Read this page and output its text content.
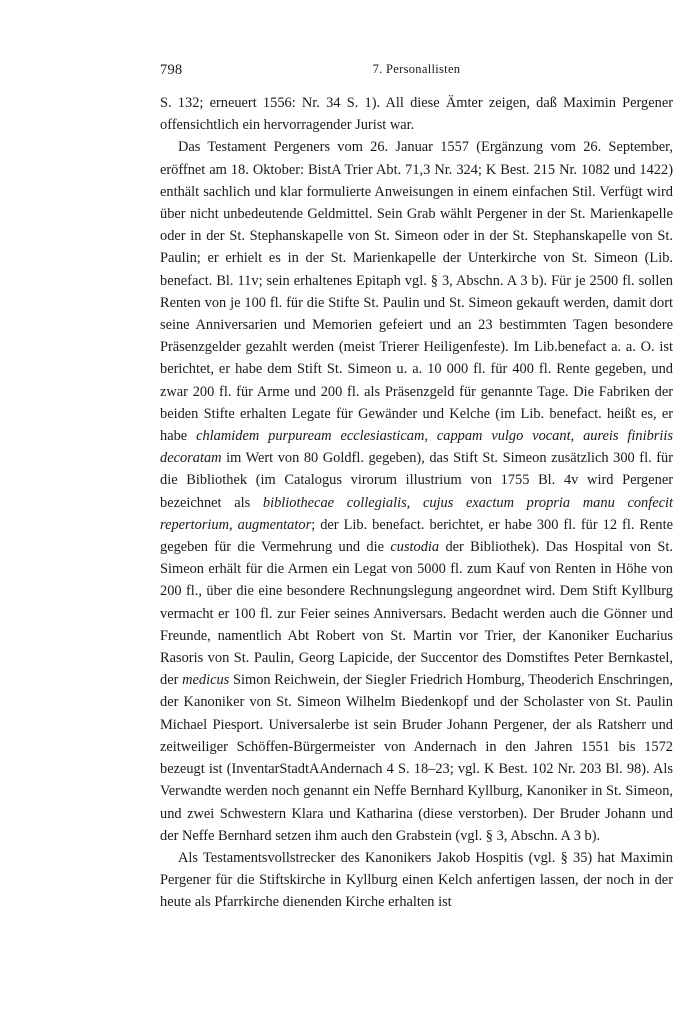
798	7. Personallisten

S. 132; erneuert 1556: Nr. 34 S. 1). All diese Ämter zeigen, daß Maximin Pergener offensichtlich ein hervorragender Jurist war.

Das Testament Pergeners vom 26. Januar 1557 (Ergänzung vom 26. September, eröffnet am 18. Oktober: BistA Trier Abt. 71,3 Nr. 324; K Best. 215 Nr. 1082 und 1422) enthält sachlich und klar formulierte Anweisungen in einem einfachen Stil. Verfügt wird über nicht unbedeutende Geldmittel. Sein Grab wählt Pergener in der St. Marienkapelle oder in der St. Stephanskapelle von St. Simeon oder in der St. Stephanskapelle von St. Paulin; er erhielt es in der St. Marienkapelle der Unterkirche von St. Simeon (Lib. benefact. Bl. 11v; sein erhaltenes Epitaph vgl. § 3, Abschn. A 3 b). Für je 2500 fl. sollen Renten von je 100 fl. für die Stifte St. Paulin und St. Simeon gekauft werden, damit dort seine Anniversarien und Memorien gefeiert und an 23 bestimmten Tagen besondere Präsenzgelder gezahlt werden (meist Trierer Heiligenfeste). Im Lib.benefact a. a. O. ist berichtet, er habe dem Stift St. Simeon u. a. 10 000 fl. für 400 fl. Rente gegeben, und zwar 200 fl. für Arme und 200 fl. als Präsenzgeld für genannte Tage. Die Fabriken der beiden Stifte erhalten Legate für Gewänder und Kelche (im Lib. benefact. heißt es, er habe chlamidem purpuream ecclesiasticam, cappam vulgo vocant, aureis finibriis decoratam im Wert von 80 Goldfl. gegeben), das Stift St. Simeon zusätzlich 300 fl. für die Bibliothek (im Catalogus virorum illustrium von 1755 Bl. 4v wird Pergener bezeichnet als bibliothecae collegialis, cujus exactum propria manu confecit repertorium, augmentator; der Lib. benefact. berichtet, er habe 300 fl. für 12 fl. Rente gegeben für die Vermehrung und die custodia der Bibliothek). Das Hospital von St. Simeon erhält für die Armen ein Legat von 5000 fl. zum Kauf von Renten in Höhe von 200 fl., über die eine besondere Rechnungslegung angeordnet wird. Dem Stift Kyllburg vermacht er 100 fl. zur Feier seines Anniversars. Bedacht werden auch die Gönner und Freunde, namentlich Abt Robert von St. Martin vor Trier, der Kanoniker Eucharius Rasoris von St. Paulin, Georg Lapicide, der Succentor des Domstiftes Peter Bernkastel, der medicus Simon Reichwein, der Siegler Friedrich Homburg, Theoderich Enschringen, der Kanoniker von St. Simeon Wilhelm Biedenkopf und der Scholaster von St. Paulin Michael Piesport. Universalerbe ist sein Bruder Johann Pergener, der als Ratsherr und zeitweiliger Schöffen-Bürgermeister von Andernach in den Jahren 1551 bis 1572 bezeugt ist (InventarStadtAAndernach 4 S. 18–23; vgl. K Best. 102 Nr. 203 Bl. 98). Als Verwandte werden noch genannt ein Neffe Bernhard Kyllburg, Kanoniker in St. Simeon, und zwei Schwestern Klara und Katharina (diese verstorben). Der Bruder Johann und der Neffe Bernhard setzen ihm auch den Grabstein (vgl. § 3, Abschn. A 3 b).

Als Testamentsvollstrecker des Kanonikers Jakob Hospitis (vgl. § 35) hat Maximin Pergener für die Stiftskirche in Kyllburg einen Kelch anfertigen lassen, der noch in der heute als Pfarrkirche dienenden Kirche erhalten ist
